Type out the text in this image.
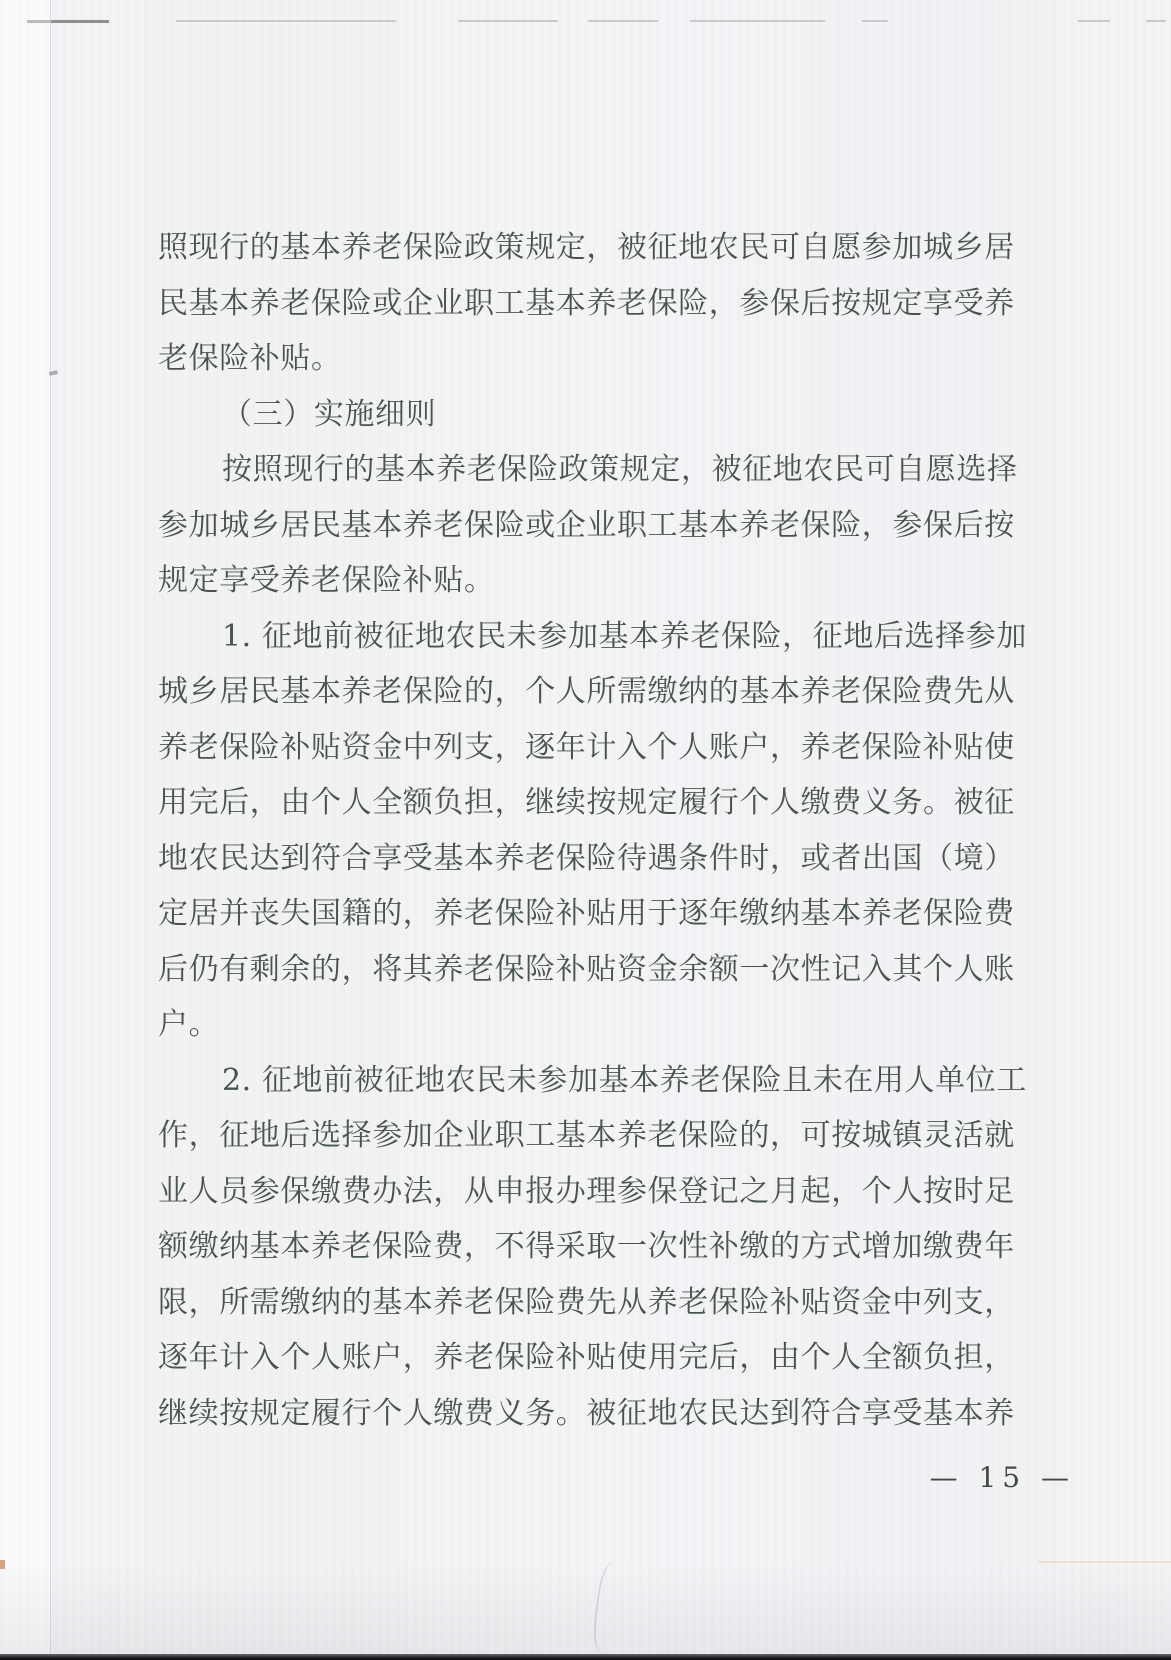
照现行的基本养老保险政策规定，被征地农民可自愿参加城乡居
民基本养老保险或企业职工基本养老保险，参保后按规定享受养
老保险补贴。
（三）实施细则
按照现行的基本养老保险政策规定，被征地农民可自愿选择
参加城乡居民基本养老保险或企业职工基本养老保险，参保后按
规定享受养老保险补贴。
1. 征地前被征地农民未参加基本养老保险，征地后选择参加
城乡居民基本养老保险的，个人所需缴纳的基本养老保险费先从
养老保险补贴资金中列支，逐年计入个人账户，养老保险补贴使
用完后，由个人全额负担，继续按规定履行个人缴费义务。被征
地农民达到符合享受基本养老保险待遇条件时，或者出国（境）
定居并丧失国籍的，养老保险补贴用于逐年缴纳基本养老保险费
后仍有剩余的，将其养老保险补贴资金余额一次性记入其个人账
户。
2. 征地前被征地农民未参加基本养老保险且未在用人单位工
作，征地后选择参加企业职工基本养老保险的，可按城镇灵活就
业人员参保缴费办法，从申报办理参保登记之月起，个人按时足
额缴纳基本养老保险费，不得采取一次性补缴的方式增加缴费年
限，所需缴纳的基本养老保险费先从养老保险补贴资金中列支，
逐年计入个人账户，养老保险补贴使用完后，由个人全额负担，
继续按规定履行个人缴费义务。被征地农民达到符合享受基本养
— 15 —
